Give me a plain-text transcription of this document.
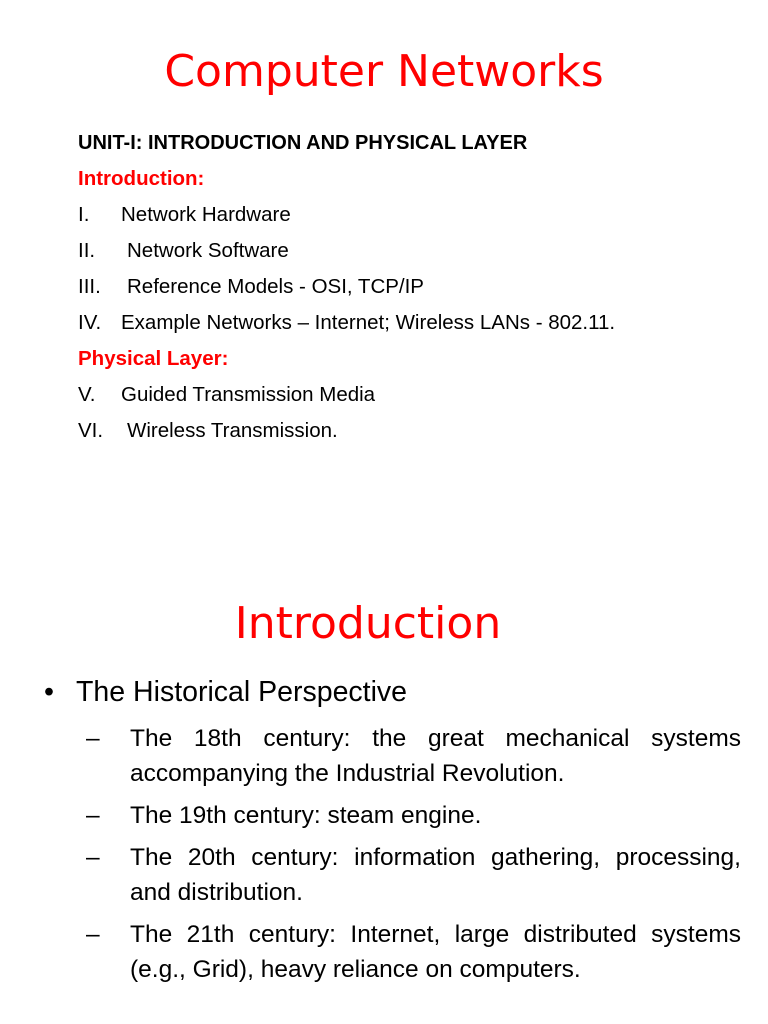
Computer Networks
UNIT-I: INTRODUCTION AND PHYSICAL LAYER
Introduction:
I. Network Hardware
II. Network Software
III. Reference Models - OSI, TCP/IP
IV. Example Networks – Internet; Wireless LANs - 802.11.
Physical Layer:
V. Guided Transmission Media
VI. Wireless Transmission.
Introduction
• The Historical Perspective
– The 18th century: the great mechanical systems accompanying the Industrial Revolution.
– The 19th century: steam engine.
– The 20th century: information gathering, processing, and distribution.
– The 21th century: Internet, large distributed systems (e.g., Grid), heavy reliance on computers.
